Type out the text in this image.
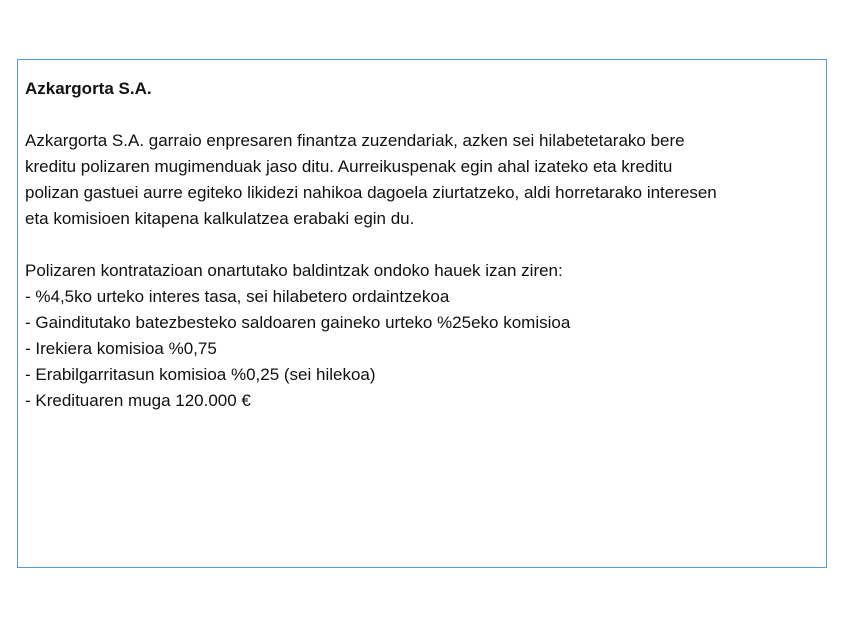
Azkargorta S.A.

Azkargorta S.A. garraio enpresaren finantza zuzendariak, azken sei hilabetetarako bere
kreditu polizaren mugimenduak jaso ditu. Aurreikuspenak egin ahal izateko eta kreditu
polizan gastuei aurre egiteko likidezi nahikoa dagoela ziurtatzeko, aldi horretarako interesen
eta komisioen kitapena kalkulatzea erabaki egin du.

Polizaren kontratazioan onartutako baldintzak ondoko hauek izan ziren:

- %4,5ko urteko interes tasa, sei hilabetero ordaintzekoa
- Gainditutako batezbesteko saldoaren gaineko urteko %25eko komisioa
- Irekiera komisioa %0,75
- Erabilgarritasun komisioa %0,25 (sei hilekoa)
- Kredituaren muga 120.000 €
